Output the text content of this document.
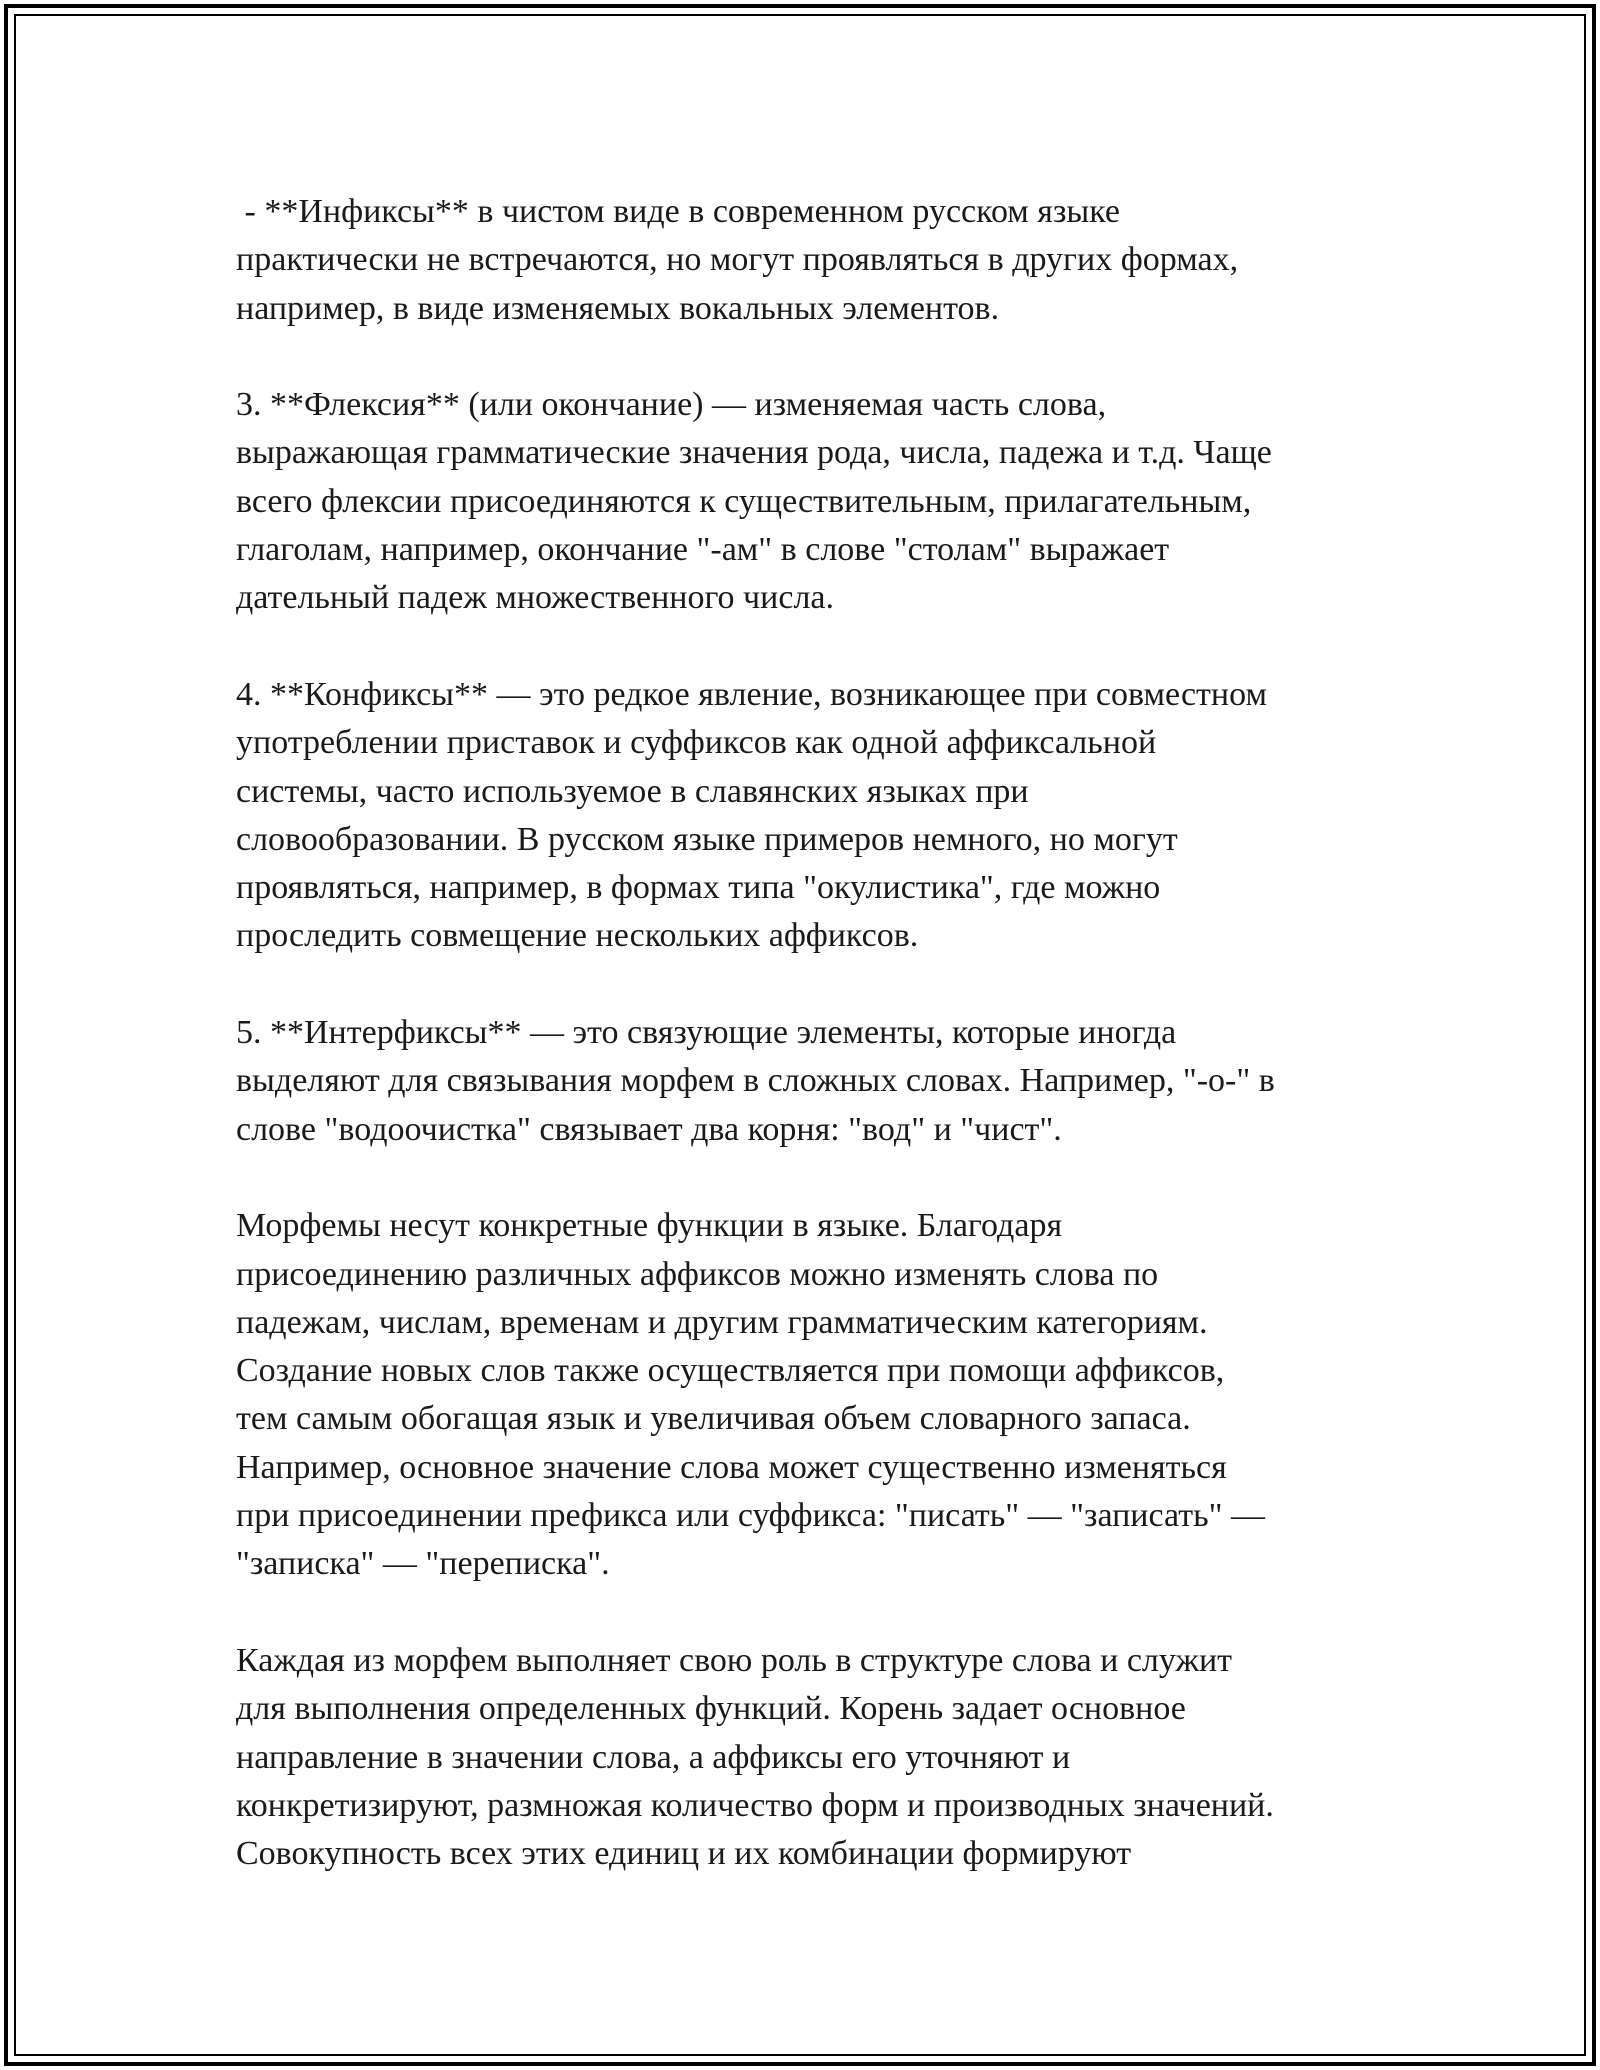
- **Инфиксы** в чистом виде в современном русском языке
практически не встречаются, но могут проявляться в других формах,
например, в виде изменяемых вокальных элементов.

3. **Флексия** (или окончание) — изменяемая часть слова,
выражающая грамматические значения рода, числа, падежа и т.д. Чаще
всего флексии присоединяются к существительным, прилагательным,
глаголам, например, окончание "-ам" в слове "столам" выражает
дательный падеж множественного числа.

4. **Конфиксы** — это редкое явление, возникающее при совместном
употреблении приставок и суффиксов как одной аффиксальной
системы, часто используемое в славянских языках при
словообразовании. В русском языке примеров немного, но могут
проявляться, например, в формах типа "окулистика", где можно
проследить совмещение нескольких аффиксов.

5. **Интерфиксы** — это связующие элементы, которые иногда
выделяют для связывания морфем в сложных словах. Например, "-о-" в
слове "водоочистка" связывает два корня: "вод" и "чист".

Морфемы несут конкретные функции в языке. Благодаря
присоединению различных аффиксов можно изменять слова по
падежам, числам, временам и другим грамматическим категориям.
Создание новых слов также осуществляется при помощи аффиксов,
тем самым обогащая язык и увеличивая объем словарного запаса.
Например, основное значение слова может существенно изменяться
при присоединении префикса или суффикса: "писать" — "записать" —
"записка" — "переписка".

Каждая из морфем выполняет свою роль в структуре слова и служит
для выполнения определенных функций. Корень задает основное
направление в значении слова, а аффиксы его уточняют и
конкретизируют, размножая количество форм и производных значений.
Совокупность всех этих единиц и их комбинации формируют
